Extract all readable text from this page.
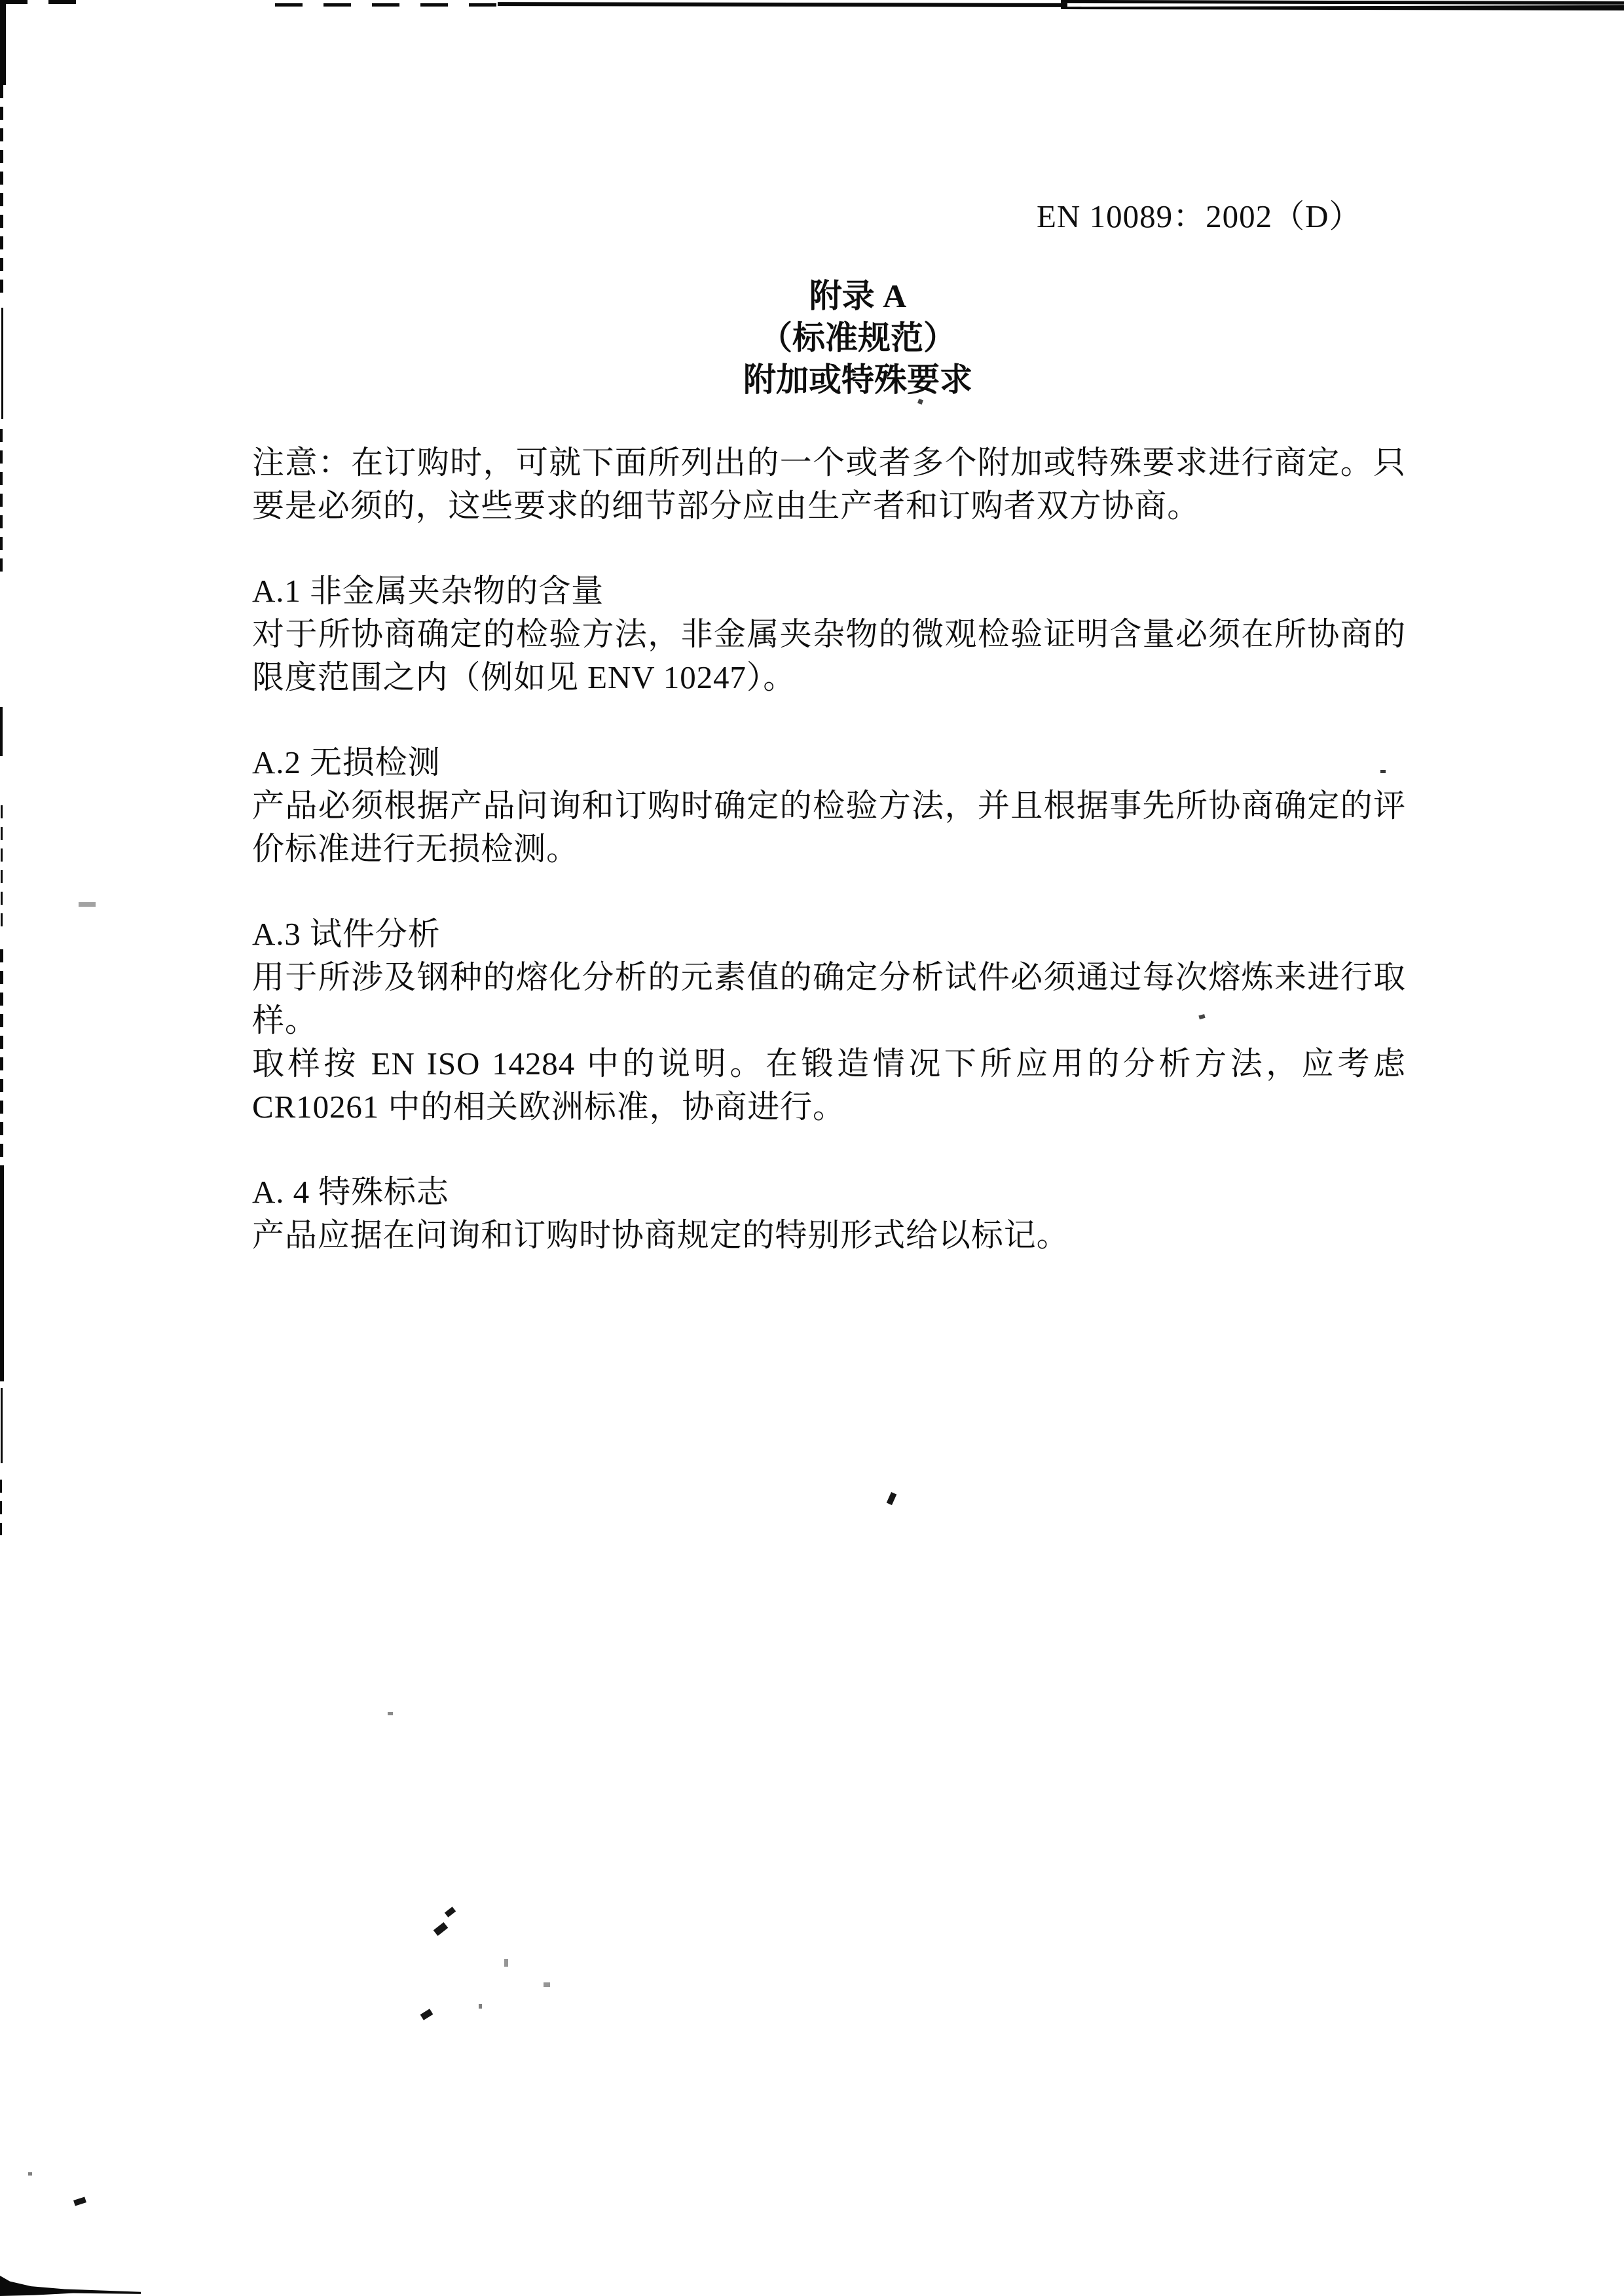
EN 10089：2002（D）
附录 A
（标准规范）
附加或特殊要求

注意：在订购时，可就下面所列出的一个或者多个附加或特殊要求进行商定。只要是必须的，这些要求的细节部分应由生产者和订购者双方协商。

A.1 非金属夹杂物的含量

对于所协商确定的检验方法，非金属夹杂物的微观检验证明含量必须在所协商的限度范围之内（例如见 ENV 10247）。

A.2 无损检测

产品必须根据产品问询和订购时确定的检验方法，并且根据事先所协商确定的评价标准进行无损检测。

A.3 试件分析

用于所涉及钢种的熔化分析的元素值的确定分析试件必须通过每次熔炼来进行取样。

取样按 EN ISO 14284 中的说明。在锻造情况下所应用的分析方法，应考虑 CR10261 中的相关欧洲标准，协商进行。

A. 4 特殊标志

产品应据在问询和订购时协商规定的特别形式给以标记。
